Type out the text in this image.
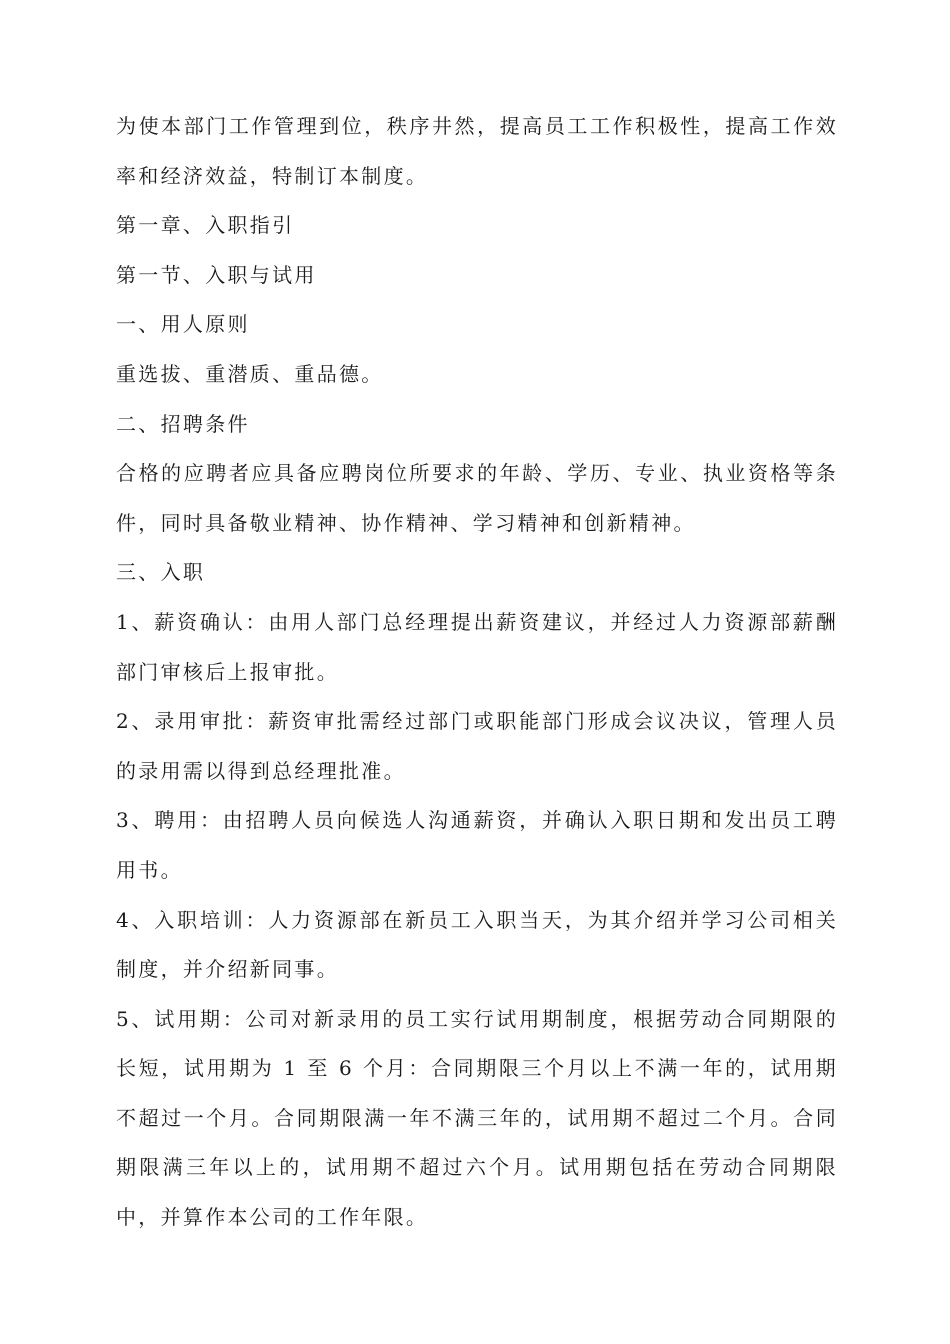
为使本部门工作管理到位，秩序井然，提高员工工作积极性，提高工作效率和经济效益，特制订本制度。

第一章、入职指引

第一节、入职与试用

一、用人原则

重选拔、重潜质、重品德。

二、招聘条件

合格的应聘者应具备应聘岗位所要求的年龄、学历、专业、执业资格等条件，同时具备敬业精神、协作精神、学习精神和创新精神。

三、入职

1、薪资确认：由用人部门总经理提出薪资建议，并经过人力资源部薪酬部门审核后上报审批。

2、录用审批：薪资审批需经过部门或职能部门形成会议决议，管理人员的录用需以得到总经理批准。

3、聘用：由招聘人员向候选人沟通薪资，并确认入职日期和发出员工聘用书。

4、入职培训：人力资源部在新员工入职当天，为其介绍并学习公司相关制度，并介绍新同事。

5、试用期：公司对新录用的员工实行试用期制度，根据劳动合同期限的长短，试用期为 1 至 6 个月：合同期限三个月以上不满一年的，试用期不超过一个月。合同期限满一年不满三年的，试用期不超过二个月。合同期限满三年以上的，试用期不超过六个月。试用期包括在劳动合同期限中，并算作本公司的工作年限。
